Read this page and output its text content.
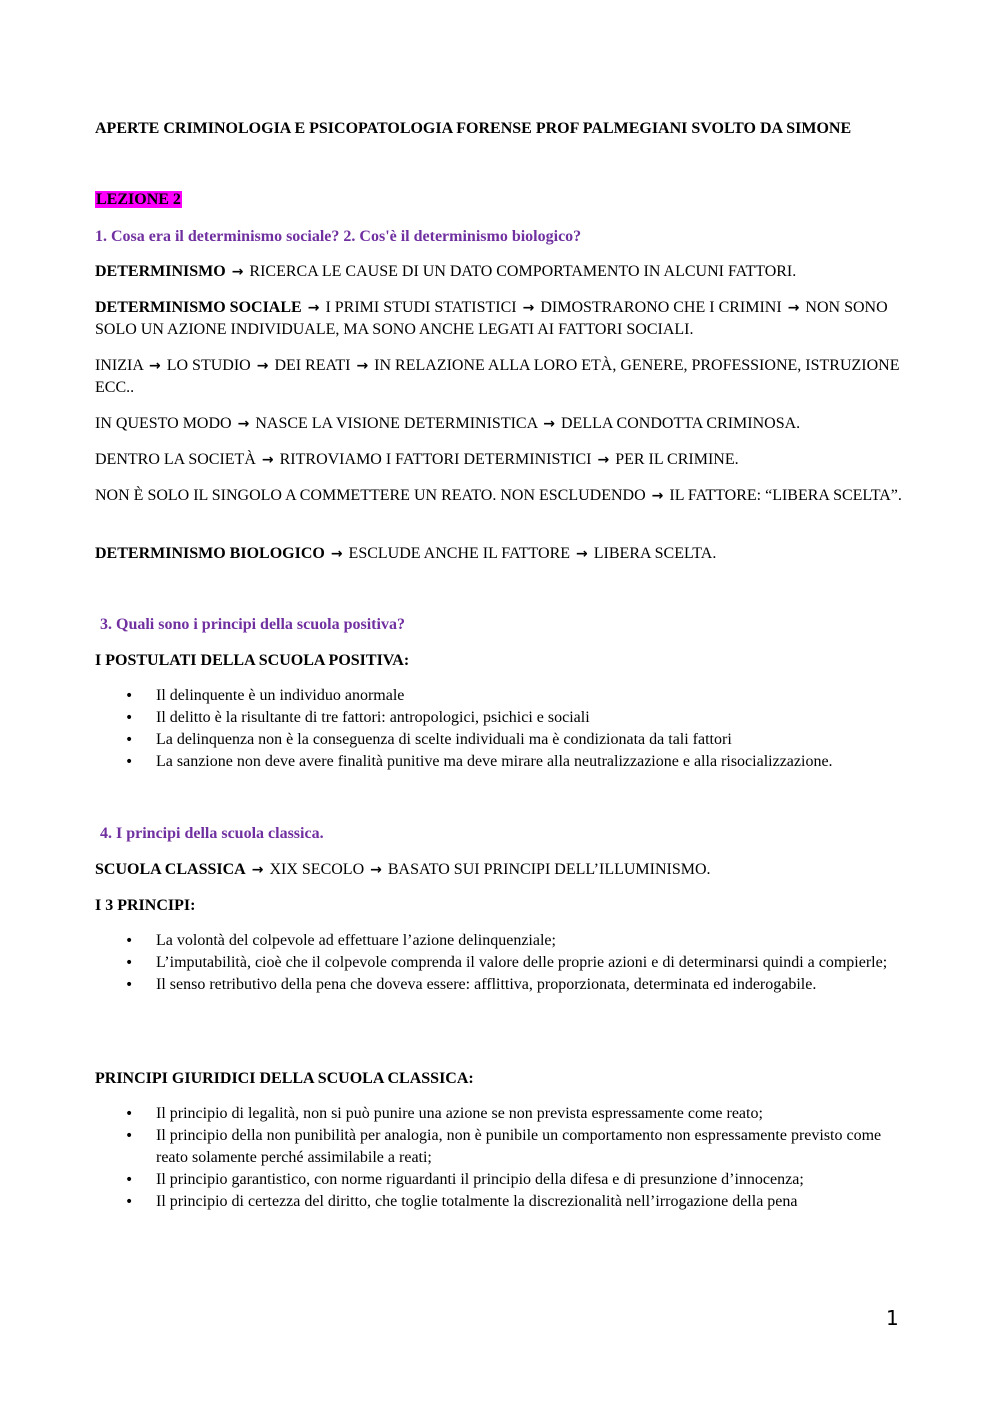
APERTE CRIMINOLOGIA E PSICOPATOLOGIA FORENSE PROF PALMEGIANI SVOLTO DA SIMONE
LEZIONE 2
1. Cosa era il determinismo sociale? 2. Cos'è il determinismo biologico?
DETERMINISMO → RICERCA LE CAUSE DI UN DATO COMPORTAMENTO IN ALCUNI FATTORI.
DETERMINISMO SOCIALE → I PRIMI STUDI STATISTICI → DIMOSTRARONO CHE I CRIMINI → NON SONO SOLO UN AZIONE INDIVIDUALE, MA SONO ANCHE LEGATI AI FATTORI SOCIALI.
INIZIA → LO STUDIO → DEI REATI → IN RELAZIONE ALLA LORO ETÀ, GENERE, PROFESSIONE, ISTRUZIONE ECC..
IN QUESTO MODO → NASCE LA VISIONE DETERMINISTICA → DELLA CONDOTTA CRIMINOSA.
DENTRO LA SOCIETÀ → RITROVIAMO I FATTORI DETERMINISTICI → PER IL CRIMINE.
NON È SOLO IL SINGOLO A COMMETTERE UN REATO. NON ESCLUDENDO → IL FATTORE: “LIBERA SCELTA”.
DETERMINISMO BIOLOGICO → ESCLUDE ANCHE IL FATTORE → LIBERA SCELTA.
3. Quali sono i principi della scuola positiva?
I POSTULATI DELLA SCUOLA POSITIVA:
• Il delinquente è un individuo anormale
• Il delitto è la risultante di tre fattori: antropologici, psichici e sociali
• La delinquenza non è la conseguenza di scelte individuali ma è condizionata da tali fattori
• La sanzione non deve avere finalità punitive ma deve mirare alla neutralizzazione e alla risocializzazione.
4. I principi della scuola classica.
SCUOLA CLASSICA → XIX SECOLO → BASATO SUI PRINCIPI DELL’ILLUMINISMO.
I 3 PRINCIPI:
• La volontà del colpevole ad effettuare l’azione delinquenziale;
• L’imputabilità, cioè che il colpevole comprenda il valore delle proprie azioni e di determinarsi quindi a compierle;
• Il senso retributivo della pena che doveva essere: afflittiva, proporzionata, determinata ed inderogabile.
PRINCIPI GIURIDICI DELLA SCUOLA CLASSICA:
• Il principio di legalità, non si può punire una azione se non prevista espressamente come reato;
• Il principio della non punibilità per analogia, non è punibile un comportamento non espressamente previsto come reato solamente perché assimilabile a reati;
• Il principio garantistico, con norme riguardanti il principio della difesa e di presunzione d’innocenza;
• Il principio di certezza del diritto, che toglie totalmente la discrezionalità nell’irrogazione della pena
1
